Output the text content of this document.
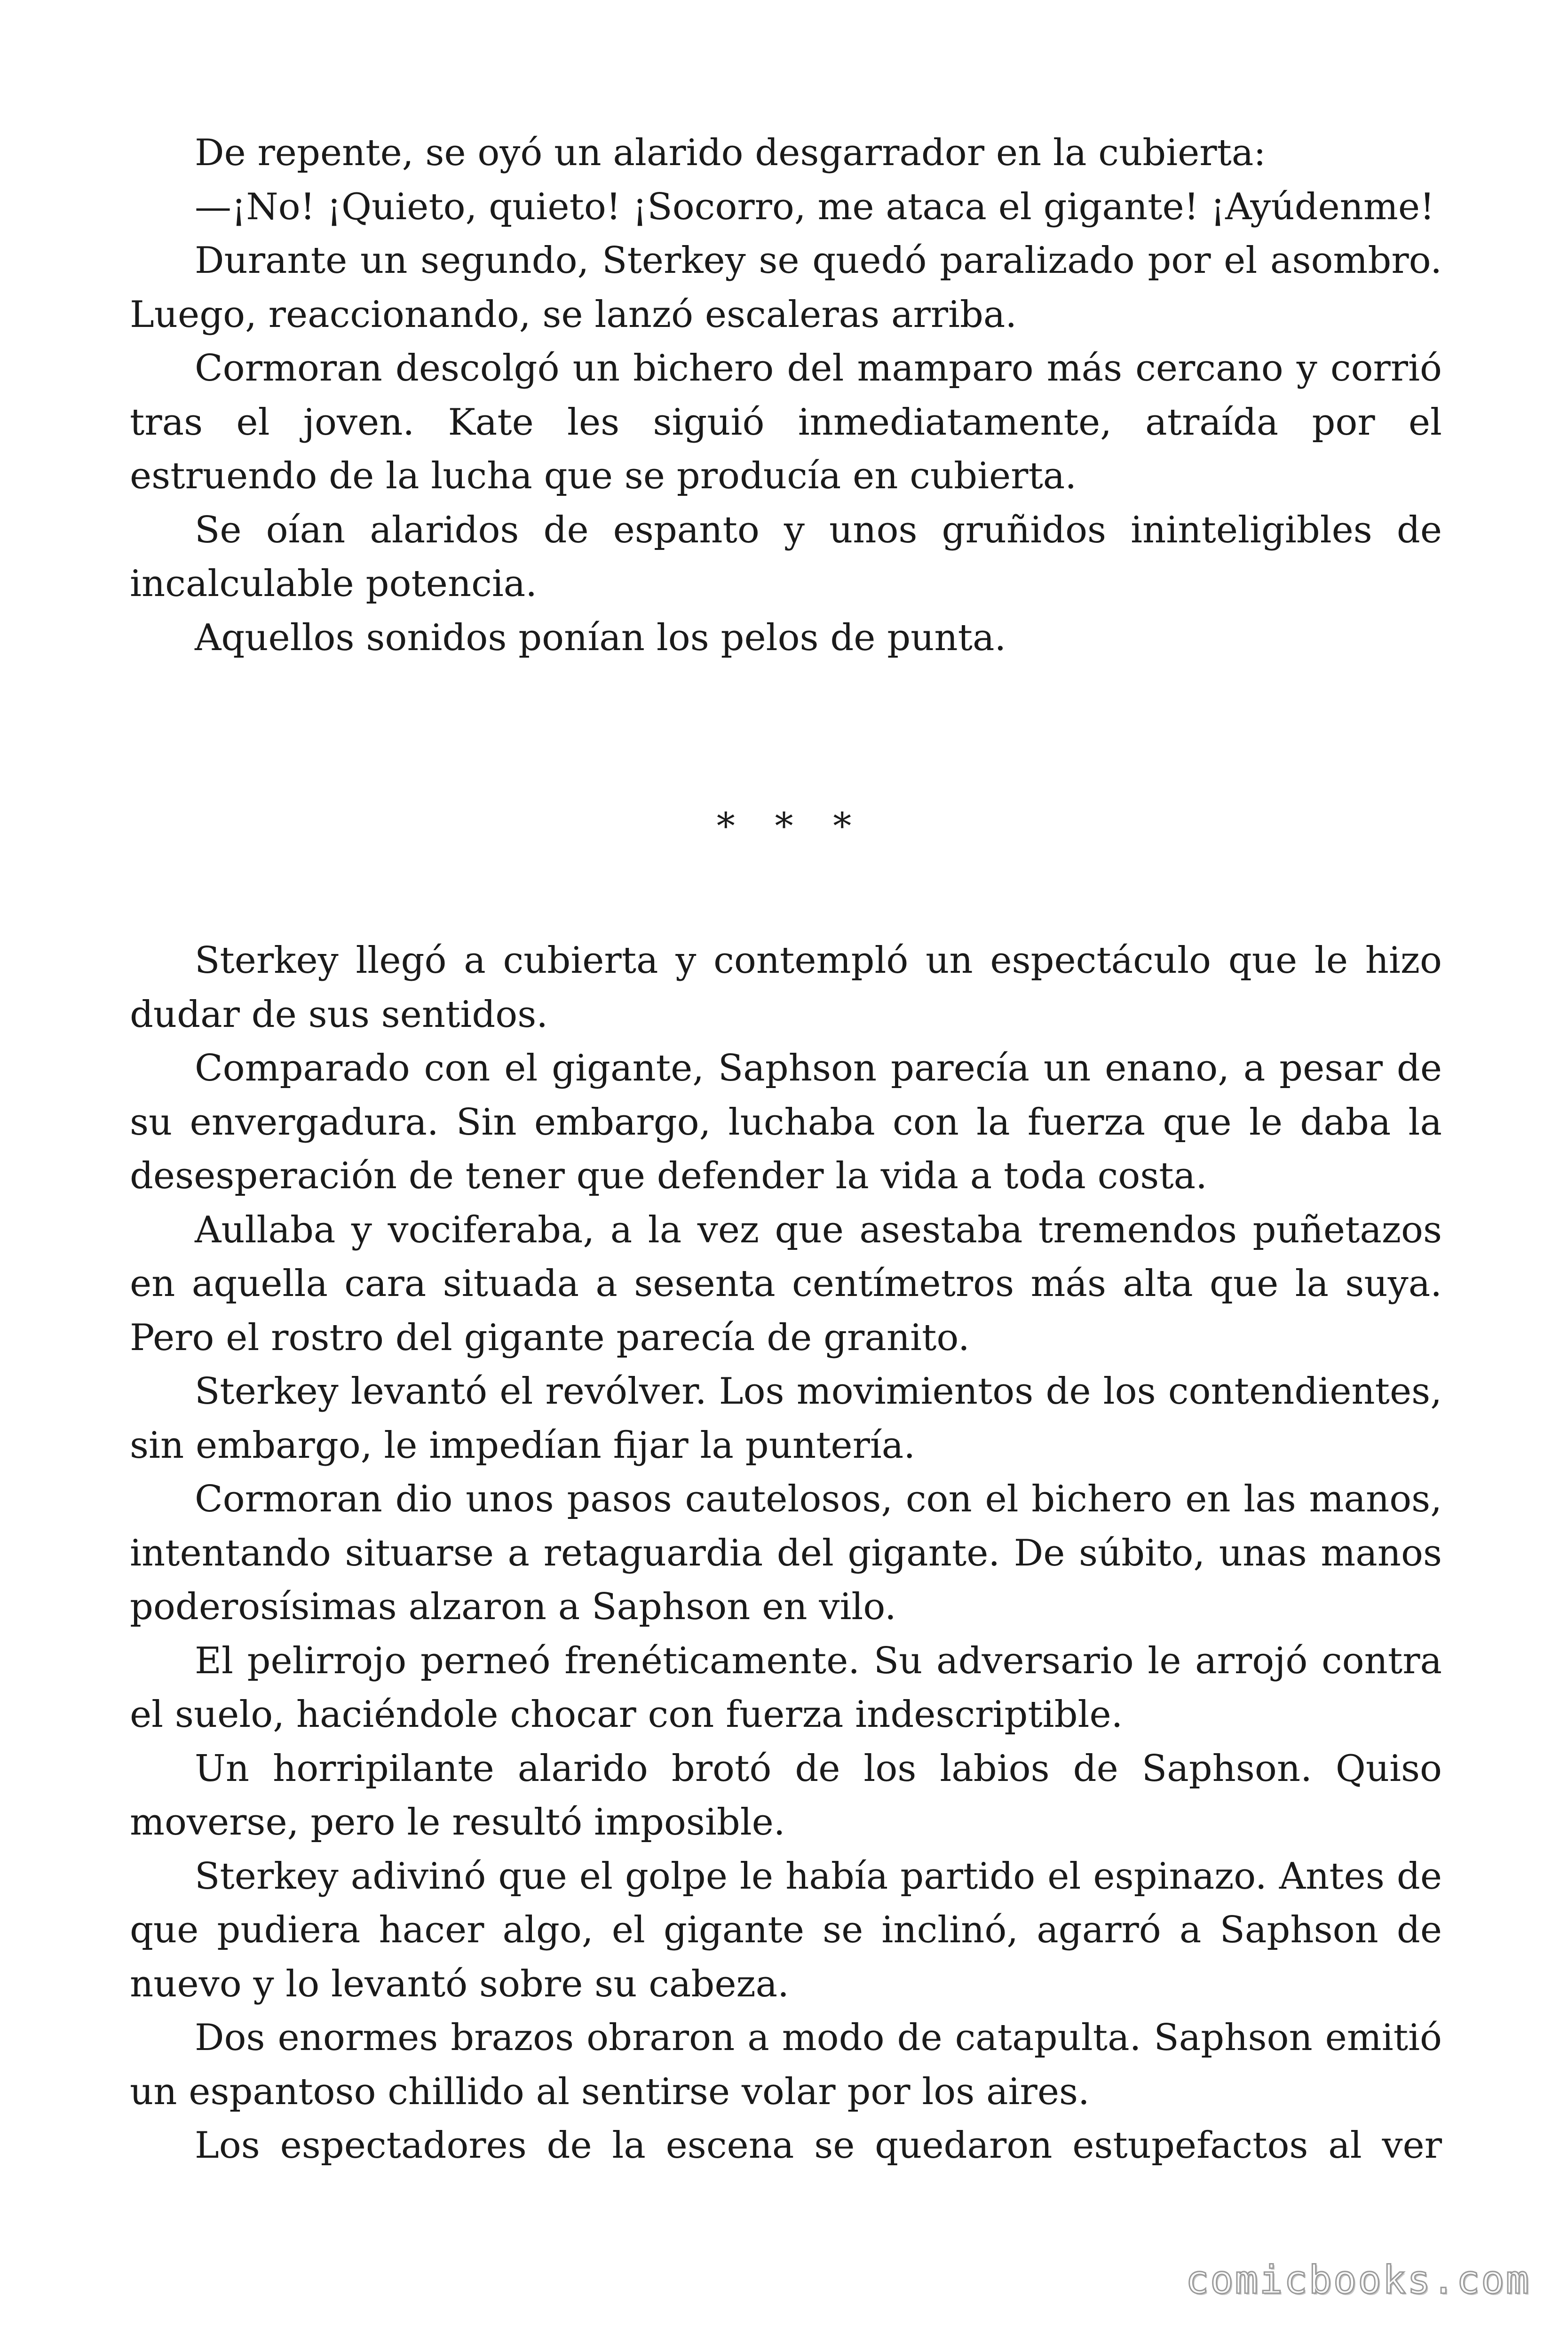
De repente, se oyó un alarido desgarrador en la cubierta:

—¡No! ¡Quieto, quieto! ¡Socorro, me ataca el gigante! ¡Ayúdenme!

Durante un segundo, Sterkey se quedó paralizado por el asombro. Luego, reaccionando, se lanzó escaleras arriba.

Cormoran descolgó un bichero del mamparo más cercano y corrió tras el joven. Kate les siguió inmediatamente, atraída por el estruendo de la lucha que se producía en cubierta.

Se oían alaridos de espanto y unos gruñidos ininteligibles de incalculable potencia.

Aquellos sonidos ponían los pelos de punta.

* * *

Sterkey llegó a cubierta y contempló un espectáculo que le hizo dudar de sus sentidos.

Comparado con el gigante, Saphson parecía un enano, a pesar de su envergadura. Sin embargo, luchaba con la fuerza que le daba la desesperación de tener que defender la vida a toda costa.

Aullaba y vociferaba, a la vez que asestaba tremendos puñetazos en aquella cara situada a sesenta centímetros más alta que la suya. Pero el rostro del gigante parecía de granito.

Sterkey levantó el revólver. Los movimientos de los contendientes, sin embargo, le impedían fijar la puntería.

Cormoran dio unos pasos cautelosos, con el bichero en las manos, intentando situarse a retaguardia del gigante. De súbito, unas manos poderosísimas alzaron a Saphson en vilo.

El pelirrojo perneó frenéticamente. Su adversario le arrojó contra el suelo, haciéndole chocar con fuerza indescriptible.

Un horripilante alarido brotó de los labios de Saphson. Quiso moverse, pero le resultó imposible.

Sterkey adivinó que el golpe le había partido el espinazo. Antes de que pudiera hacer algo, el gigante se inclinó, agarró a Saphson de nuevo y lo levantó sobre su cabeza.

Dos enormes brazos obraron a modo de catapulta. Saphson emitió un espantoso chillido al sentirse volar por los aires.

Los espectadores de la escena se quedaron estupefactos al ver

comicbooks.com
